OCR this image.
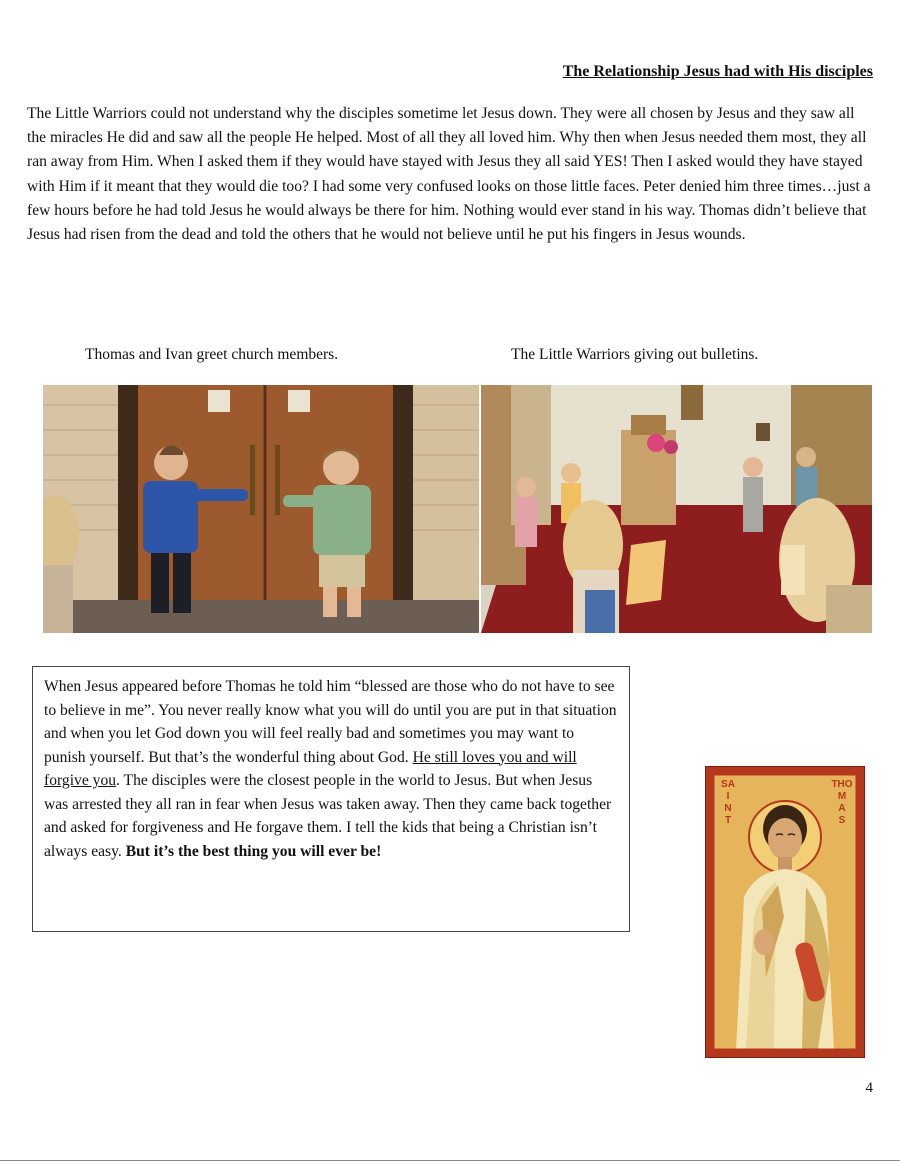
The Relationship Jesus had with His disciples

The Little Warriors could not understand why the disciples sometime let Jesus down. They were all chosen by Jesus and they saw all the miracles He did and saw all the people He helped. Most of all they all loved him. Why then when Jesus needed them most, they all ran away from Him. When I asked them if they would have stayed with Jesus they all said YES! Then I asked would they have stayed with Him if it meant that they would die too? I had some very confused looks on those little faces. Peter denied him three times…just a few hours before he had told Jesus he would always be there for him. Nothing would ever stand in his way. Thomas didn’t believe that Jesus had risen from the dead and told the others that he would not believe until he put his fingers in Jesus wounds.

Thomas and Ivan greet church members.	The Little Warriors giving out bulletins.

When Jesus appeared before Thomas he told him “blessed are those who do not have to see to believe in me”. You never really know what you will do until you are put in that situation and when you let God down you will feel really bad and sometimes you may want to punish yourself. But that’s the wonderful thing about God. He still loves you and will forgive you. The disciples were the closest people in the world to Jesus. But when Jesus was arrested they all ran in fear when Jesus was taken away. Then they came back together and asked for forgiveness and He forgave them. I tell the kids that being a Christian isn’t always easy. But it’s the best thing you will ever be!

SA
I
N
T
THO
M
A
S
4
